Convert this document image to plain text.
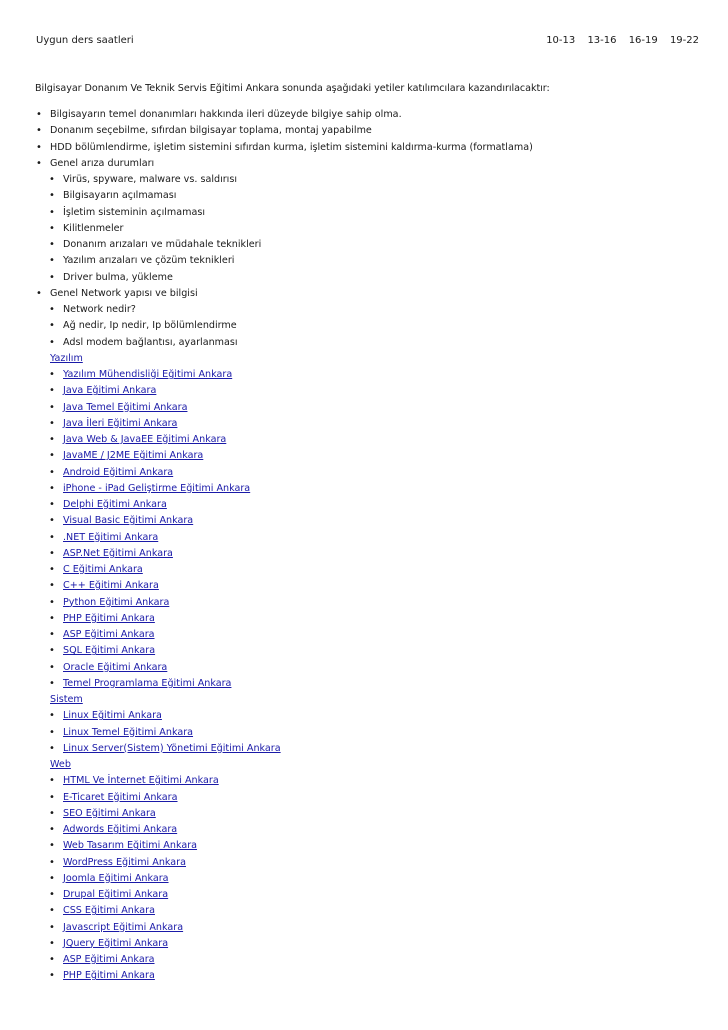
Uygun ders saatleri	10-13 13-16 16-19 19-22
Bilgisayar Donanım Ve Teknik Servis Eğitimi Ankara sonunda aşağıdaki yetiler katılımcılara kazandırılacaktır:
• Bilgisayarın temel donanımları hakkında ileri düzeyde bilgiye sahip olma.
• Donanım seçebilme, sıfırdan bilgisayar toplama, montaj yapabilme
• HDD bölümlendirme, işletim sistemini sıfırdan kurma, işletim sistemini kaldırma-kurma (formatlama)
• Genel arıza durumları
• Virüs, spyware, malware vs. saldırısı
• Bilgisayarın açılmaması
• İşletim sisteminin açılmaması
• Kilitlenmeler
• Donanım arızaları ve müdahale teknikleri
• Yazılım arızaları ve çözüm teknikleri
• Driver bulma, yükleme
• Genel Network yapısı ve bilgisi
• Network nedir?
• Ağ nedir, Ip nedir, Ip bölümlendirme
• Adsl modem bağlantısı, ayarlanması
Yazılım
• Yazılım Mühendisliği Eğitimi Ankara
• Java Eğitimi Ankara
• Java Temel Eğitimi Ankara
• Java İleri Eğitimi Ankara
• Java Web & JavaEE Eğitimi Ankara
• JavaME / J2ME Eğitimi Ankara
• Android Eğitimi Ankara
• iPhone - iPad Geliştirme Eğitimi Ankara
• Delphi Eğitimi Ankara
• Visual Basic Eğitimi Ankara
• .NET Eğitimi Ankara
• ASP.Net Eğitimi Ankara
• C Eğitimi Ankara
• C++ Eğitimi Ankara
• Python Eğitimi Ankara
• PHP Eğitimi Ankara
• ASP Eğitimi Ankara
• SQL Eğitimi Ankara
• Oracle Eğitimi Ankara
• Temel Programlama Eğitimi Ankara
Sistem
• Linux Eğitimi Ankara
• Linux Temel Eğitimi Ankara
• Linux Server(Sistem) Yönetimi Eğitimi Ankara
Web
• HTML Ve İnternet Eğitimi Ankara
• E-Ticaret Eğitimi Ankara
• SEO Eğitimi Ankara
• Adwords Eğitimi Ankara
• Web Tasarım Eğitimi Ankara
• WordPress Eğitimi Ankara
• Joomla Eğitimi Ankara
• Drupal Eğitimi Ankara
• CSS Eğitimi Ankara
• Javascript Eğitimi Ankara
• JQuery Eğitimi Ankara
• ASP Eğitimi Ankara
• PHP Eğitimi Ankara
